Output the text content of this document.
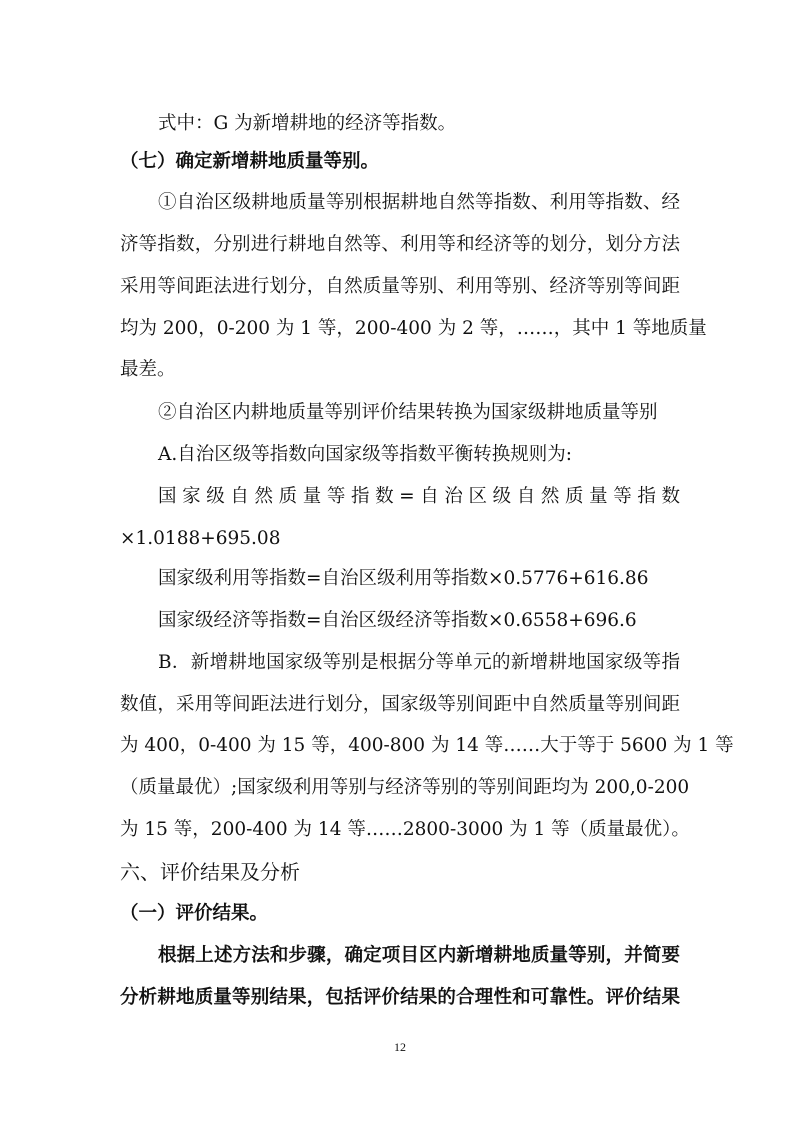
式中：G 为新增耕地的经济等指数。
（七）确定新增耕地质量等别。
①自治区级耕地质量等别根据耕地自然等指数、利用等指数、经
济等指数，分别进行耕地自然等、利用等和经济等的划分，划分方法
采用等间距法进行划分，自然质量等别、利用等别、经济等别等间距
均为 200，0-200 为 1 等，200-400 为 2 等，……，其中 1 等地质量
最差。
②自治区内耕地质量等别评价结果转换为国家级耕地质量等别
A.自治区级等指数向国家级等指数平衡转换规则为:
国家级自然质量等指数=自治区级自然质量等指数
×1.0188+695.08
国家级利用等指数=自治区级利用等指数×0.5776+616.86
国家级经济等指数=自治区级经济等指数×0.6558+696.6
B．新增耕地国家级等别是根据分等单元的新增耕地国家级等指
数值，采用等间距法进行划分，国家级等别间距中自然质量等别间距
为 400，0-400 为 15 等，400-800 为 14 等……大于等于 5600 为 1 等
（质量最优）;国家级利用等别与经济等别的等别间距均为 200,0-200
为 15 等，200-400 为 14 等……2800-3000 为 1 等（质量最优）。
六、评价结果及分析
（一）评价结果。
根据上述方法和步骤，确定项目区内新增耕地质量等别，并简要
分析耕地质量等别结果，包括评价结果的合理性和可靠性。评价结果
12
